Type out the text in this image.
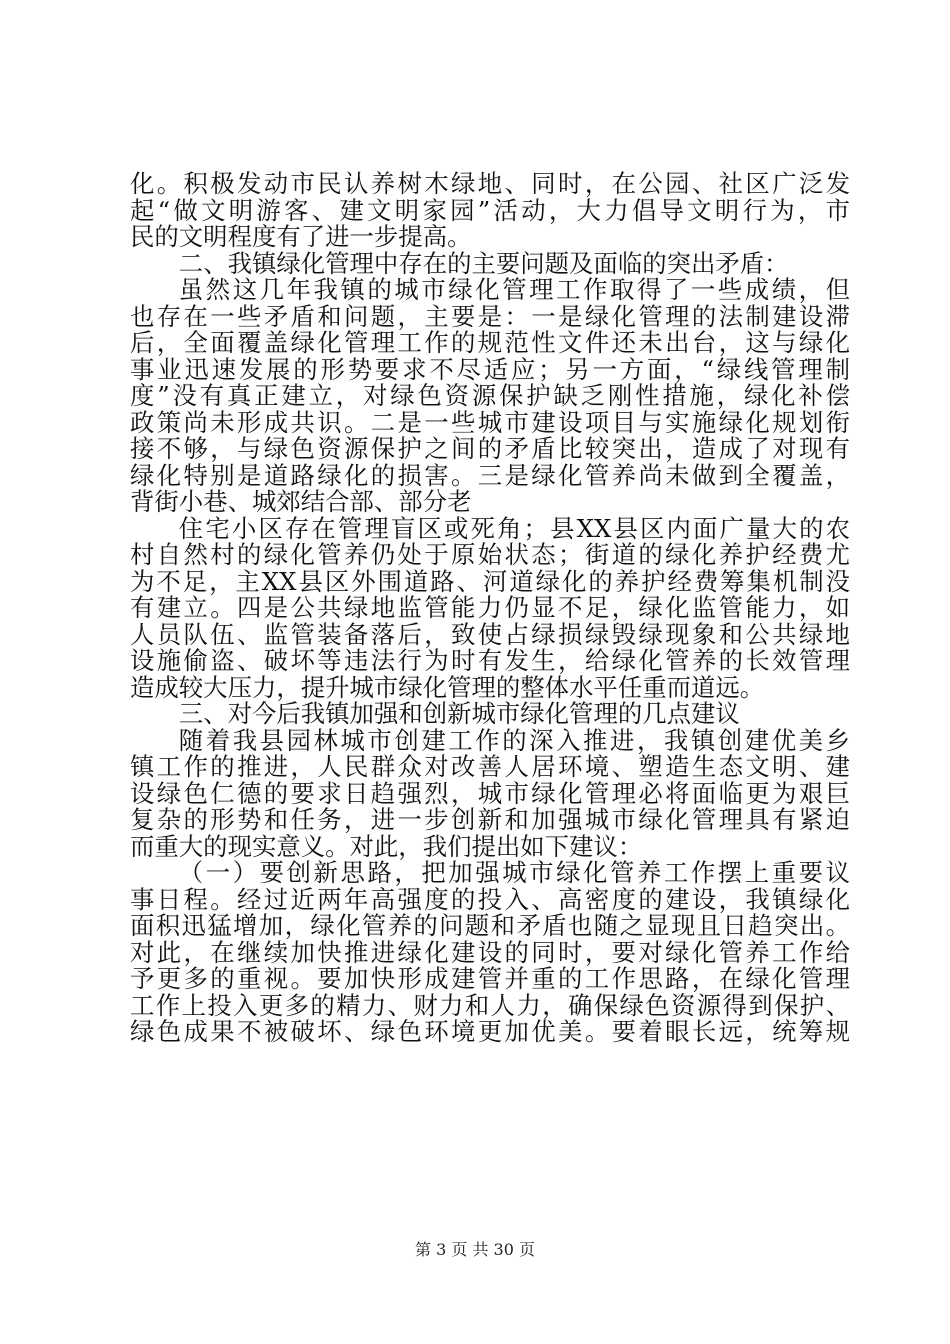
化。积极发动市民认养树木绿地、同时，在公园、社区广泛发
起“做文明游客、建文明家园”活动，大力倡导文明行为，市
民的文明程度有了进一步提高。
二、我镇绿化管理中存在的主要问题及面临的突出矛盾：
虽然这几年我镇的城市绿化管理工作取得了一些成绩，但
也存在一些矛盾和问题，主要是：一是绿化管理的法制建设滞
后，全面覆盖绿化管理工作的规范性文件还未出台，这与绿化
事业迅速发展的形势要求不尽适应；另一方面，“绿线管理制
度”没有真正建立，对绿色资源保护缺乏刚性措施，绿化补偿
政策尚未形成共识。二是一些城市建设项目与实施绿化规划衔
接不够，与绿色资源保护之间的矛盾比较突出，造成了对现有
绿化特别是道路绿化的损害。三是绿化管养尚未做到全覆盖，
背街小巷、城郊结合部、部分老
住宅小区存在管理盲区或死角；县XX县区内面广量大的农
村自然村的绿化管养仍处于原始状态；街道的绿化养护经费尤
为不足，主XX县区外围道路、河道绿化的养护经费筹集机制没
有建立。四是公共绿地监管能力仍显不足，绿化监管能力，如
人员队伍、监管装备落后，致使占绿损绿毁绿现象和公共绿地
设施偷盗、破坏等违法行为时有发生，给绿化管养的长效管理
造成较大压力，提升城市绿化管理的整体水平任重而道远。
三、对今后我镇加强和创新城市绿化管理的几点建议
随着我县园林城市创建工作的深入推进，我镇创建优美乡
镇工作的推进，人民群众对改善人居环境、塑造生态文明、建
设绿色仁德的要求日趋强烈，城市绿化管理必将面临更为艰巨
复杂的形势和任务，进一步创新和加强城市绿化管理具有紧迫
而重大的现实意义。对此，我们提出如下建议：
（一）要创新思路，把加强城市绿化管养工作摆上重要议
事日程。经过近两年高强度的投入、高密度的建设，我镇绿化
面积迅猛增加，绿化管养的问题和矛盾也随之显现且日趋突出。
对此，在继续加快推进绿化建设的同时，要对绿化管养工作给
予更多的重视。要加快形成建管并重的工作思路，在绿化管理
工作上投入更多的精力、财力和人力，确保绿色资源得到保护、
绿色成果不被破坏、绿色环境更加优美。要着眼长远，统筹规
第 3 页 共 30 页
